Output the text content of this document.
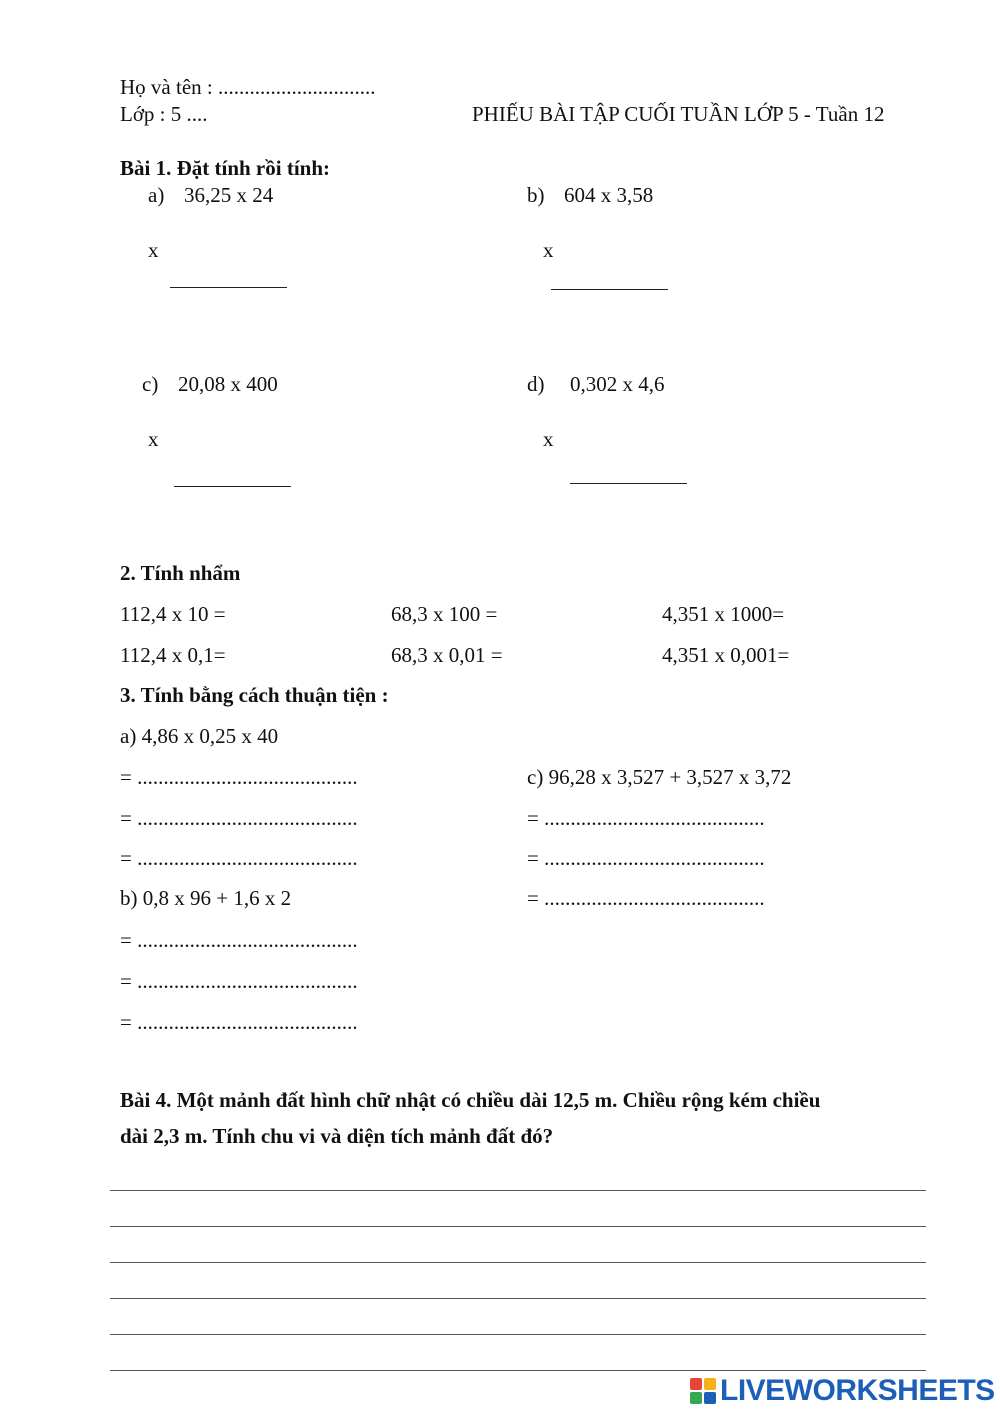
Họ và tên : ..............................
Lớp : 5 ....	PHIẾU BÀI TẬP CUỐI TUẦN LỚP 5 - Tuần 12
Bài 1. Đặt tính rồi tính:
a) 36,25 x 24
x
b) 604 x 3,58
x
c) 20,08 x 400
x
d) 0,302 x 4,6
x
2. Tính nhẩm
112,4 x 10 =	68,3 x 100 =	4,351 x 1000=
112,4 x 0,1=	68,3 x 0,01 =	4,351 x 0,001=
3. Tính bằng cách thuận tiện :
a) 4,86 x 0,25 x 40
= ..........................................
= ..........................................
= ..........................................
b) 0,8 x 96 + 1,6 x 2
= ..........................................
= ..........................................
= ..........................................
c) 96,28 x 3,527 + 3,527 x 3,72
= ..........................................
= ..........................................
= ..........................................
Bài 4. Một mảnh đất hình chữ nhật có chiều dài 12,5 m. Chiều rộng kém chiều
dài 2,3 m. Tính chu vi và diện tích mảnh đất đó?
LIVEWORKSHEETS
